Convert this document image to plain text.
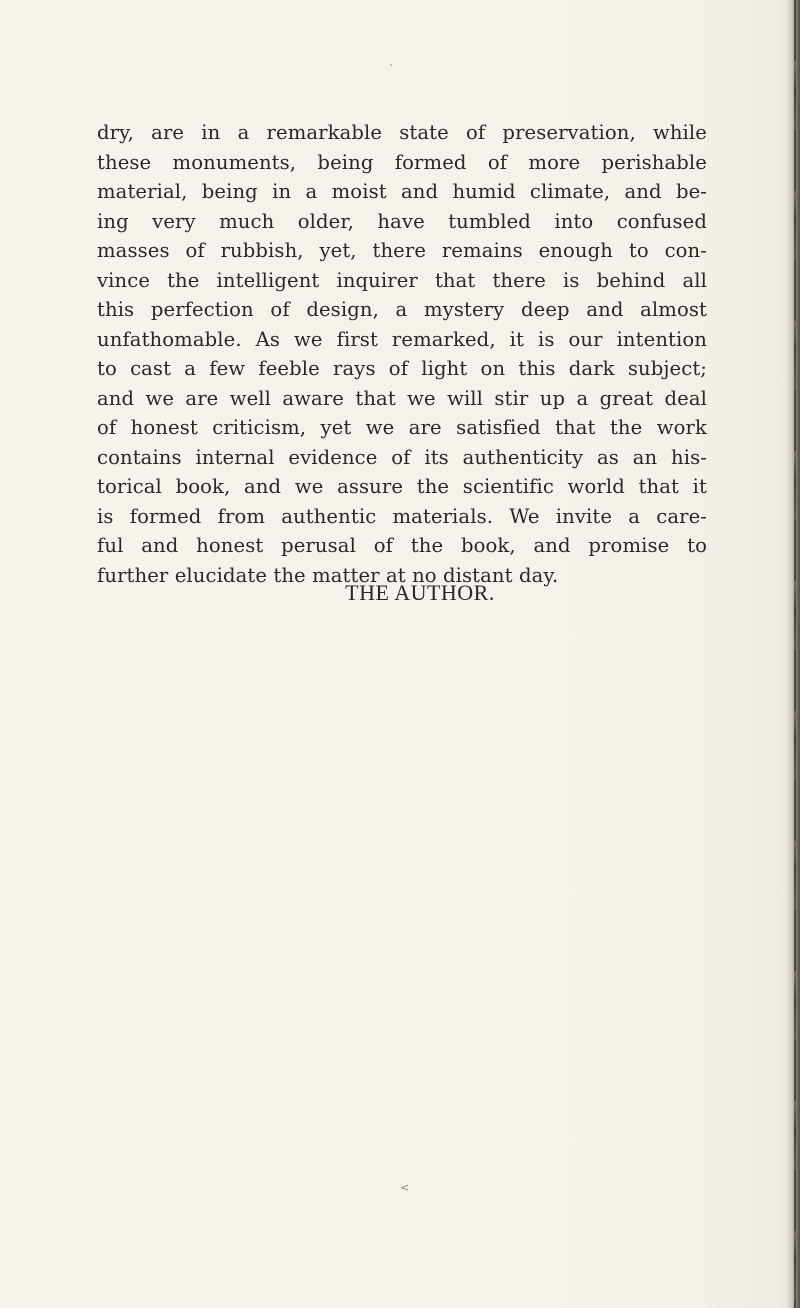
dry, are in a remarkable state of preservation, while
these monuments, being formed of more perishable
material, being in a moist and humid climate, and be-
ing very much older, have tumbled into confused
masses of rubbish, yet, there remains enough to con-
vince the intelligent inquirer that there is behind all
this perfection of design, a mystery deep and almost
unfathomable. As we first remarked, it is our intention
to cast a few feeble rays of light on this dark subject;
and we are well aware that we will stir up a great deal
of honest criticism, yet we are satisfied that the work
contains internal evidence of its authenticity as an his-
torical book, and we assure the scientific world that it
is formed from authentic materials. We invite a care-
ful and honest perusal of the book, and promise to
further elucidate the matter at no distant day.
THE AUTHOR.
<
